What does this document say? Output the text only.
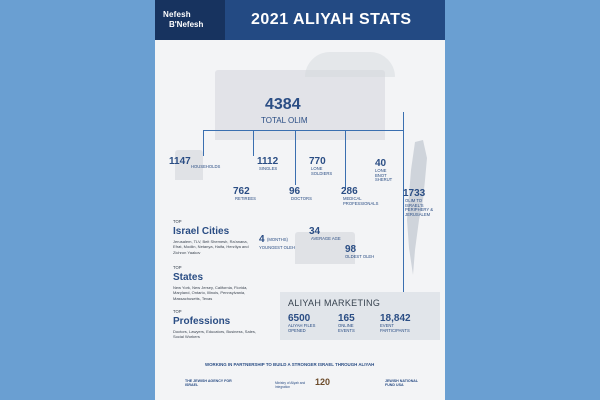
Nefesh
B'Nefesh	2021 ALIYAH STATS
4384
TOTAL OLIM
1147 HOUSEHOLDS	1112
SINGLES
770
LONE SOLDIERS
40
LONE BNOT SHERUT
762
RETIREES
96
DOCTORS
286
MEDICAL PROFESSIONALS
1733
OLIM TO ISRAEL'S PERIPHERY & JERUSALEM
4 (MONTHS)
YOUNGEST OLEH
34
AVERAGE AGE
98
OLDEST OLEH
TOP
Israel Cities
Jerusalem, TLV, Beit Shemesh, Ra'anana, Efrat, Modiin, Netanya, Haifa, Herzliya and Zichron Yaakov
TOP
States
New York, New Jersey, California, Florida, Maryland, Ontario, Illinois, Pennsylvania, Massachusetts, Texas
TOP
Professions
Doctors, Lawyers, Educators, Business, Sales, Social Workers
ALIYAH MARKETING
6500
ALIYAH FILES OPENED
165
ONLINE EVENTS
18,842
EVENT PARTICIPANTS
WORKING IN PARTNERSHIP TO BUILD A STRONGER ISRAEL THROUGH ALIYAH
THE JEWISH AGENCY FOR ISRAEL	Ministry of Aliyah and Integration	120	JEWISH NATIONAL FUND USA
